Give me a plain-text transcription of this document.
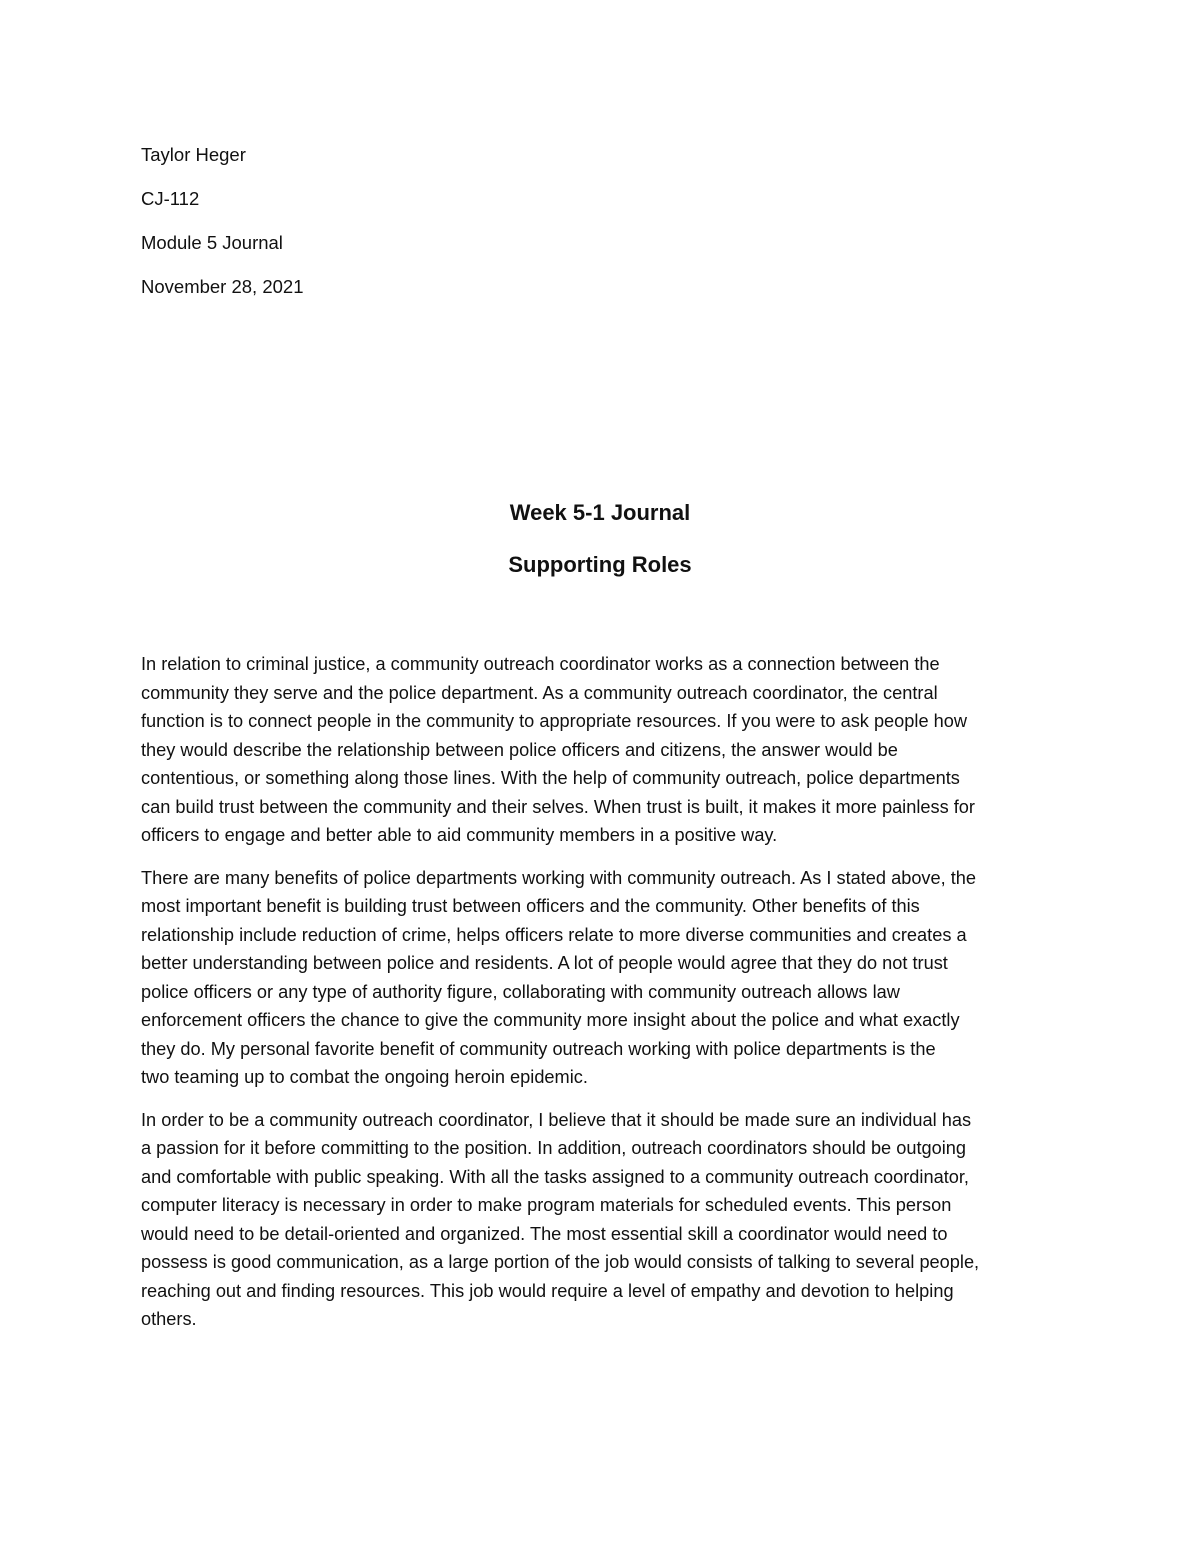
Taylor Heger

CJ-112

Module 5 Journal

November 28, 2021

Week 5-1 Journal

Supporting Roles

In relation to criminal justice, a community outreach coordinator works as a connection between the
community they serve and the police department. As a community outreach coordinator, the central
function is to connect people in the community to appropriate resources. If you were to ask people how
they would describe the relationship between police officers and citizens, the answer would be
contentious, or something along those lines. With the help of community outreach, police departments
can build trust between the community and their selves. When trust is built, it makes it more painless for
officers to engage and better able to aid community members in a positive way.

There are many benefits of police departments working with community outreach. As I stated above, the
most important benefit is building trust between officers and the community. Other benefits of this
relationship include reduction of crime, helps officers relate to more diverse communities and creates a
better understanding between police and residents. A lot of people would agree that they do not trust
police officers or any type of authority figure, collaborating with community outreach allows law
enforcement officers the chance to give the community more insight about the police and what exactly
they do. My personal favorite benefit of community outreach working with police departments is the
two teaming up to combat the ongoing heroin epidemic.

In order to be a community outreach coordinator, I believe that it should be made sure an individual has
a passion for it before committing to the position. In addition, outreach coordinators should be outgoing
and comfortable with public speaking. With all the tasks assigned to a community outreach coordinator,
computer literacy is necessary in order to make program materials for scheduled events. This person
would need to be detail-oriented and organized. The most essential skill a coordinator would need to
possess is good communication, as a large portion of the job would consists of talking to several people,
reaching out and finding resources. This job would require a level of empathy and devotion to helping
others.
